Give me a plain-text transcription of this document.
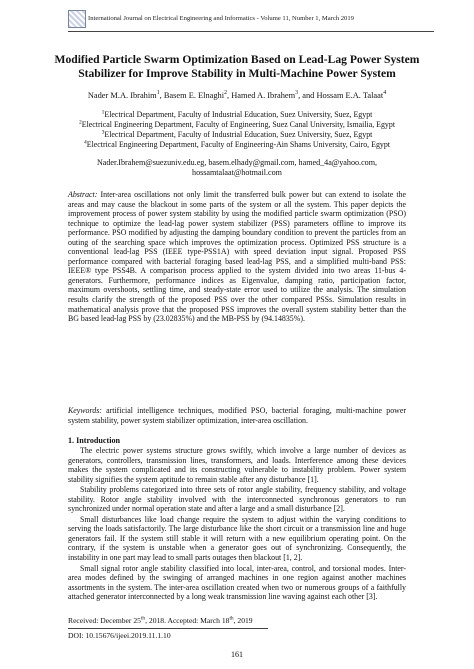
International Journal on Electrical Engineering and Informatics - Volume 11, Number 1, March 2019
Modified Particle Swarm Optimization Based on Lead-Lag Power System
Stabilizer for Improve Stability in Multi-Machine Power System
Nader M.A. Ibrahim$^1$, Basem E. Elnaghi$^2$, Hamed A. Ibrahem$^3$, and Hossam E.A. Talaat$^4$
$^1$Electrical Department, Faculty of Industrial Education, Suez University, Suez, Egypt
$^2$Electrical Engineering Department, Faculty of Engineering, Suez Canal University, Ismailia, Egypt
$^3$Electrical Department, Faculty of Industrial Education, Suez University, Suez, Egypt
$^4$Electrical Engineering Department, Faculty of Engineering-Ain Shams University, Cairo, Egypt
Nader.Ibrahem@suezuniv.edu.eg, basem.elhady@gmail.com, hamed_4a@yahoo.com,
hossamtalaat@hotmail.com
Abstract: Inter-area oscillations not only limit the transferred bulk power but can extend to isolate the areas and may cause the blackout in some parts of the system or all the system. This paper depicts the improvement process of power system stability by using the modified particle swarm optimization (PSO) technique to optimize the lead-lag power system stabilizer (PSS) parameters offline to improve its performance. PSO modified by adjusting the damping boundary condition to prevent the particles from an outing of the searching space which improves the optimization process. Optimized PSS structure is a conventional lead-lag PSS (IEEE type-PSS1A) with speed deviation input signal. Proposed PSS performance compared with bacterial foraging based lead-lag PSS, and a simplified multi-band PSS: IEEE® type PSS4B. A comparison process applied to the system divided into two areas 11-bus 4-generators. Furthermore, performance indices as Eigenvalue, damping ratio, participation factor, maximum overshoots, settling time, and steady-state error used to utilize the analysis. The simulation results clarify the strength of the proposed PSS over the other compared PSSs. Simulation results in mathematical analysis prove that the proposed PSS improves the overall system stability better than the BG based lead-lag PSS by (23.02835%) and the MB-PSS by (94.14835%).
Keywords: artificial intelligence techniques, modified PSO, bacterial foraging, multi-machine power system stability, power system stabilizer optimization, inter-area oscillation.
1. Introduction

The electric power systems structure grows swiftly, which involve a large number of devices as generators, controllers, transmission lines, transformers, and loads. Interference among these devices makes the system complicated and its constructing vulnerable to instability problem. Power system stability signifies the system aptitude to remain stable after any disturbance [1].

Stability problems categorized into three sets of rotor angle stability, frequency stability, and voltage stability. Rotor angle stability involved with the interconnected synchronous generators to run synchronized under normal operation state and after a large and a small disturbance [2].

Small disturbances like load change require the system to adjust within the varying conditions to serving the loads satisfactorily. The large disturbance like the short circuit or a transmission line and huge generators fail. If the system still stable it will return with a new equilibrium operating point. On the contrary, if the system is unstable when a generator goes out of synchronizing. Consequently, the instability in one part may lead to small parts outages then blackout [1, 2].

Small signal rotor angle stability classified into local, inter-area, control, and torsional modes. Inter-area modes defined by the swinging of arranged machines in one region against another machines assortments in the system. The inter-area oscillation created when two or numerous groups of a faithfully attached generator interconnected by a long weak transmission line waving against each other [3].

Received: December 25th, 2018. Accepted: March 18th, 2019
DOI: 10.15676/ijeei.2019.11.1.10
161
